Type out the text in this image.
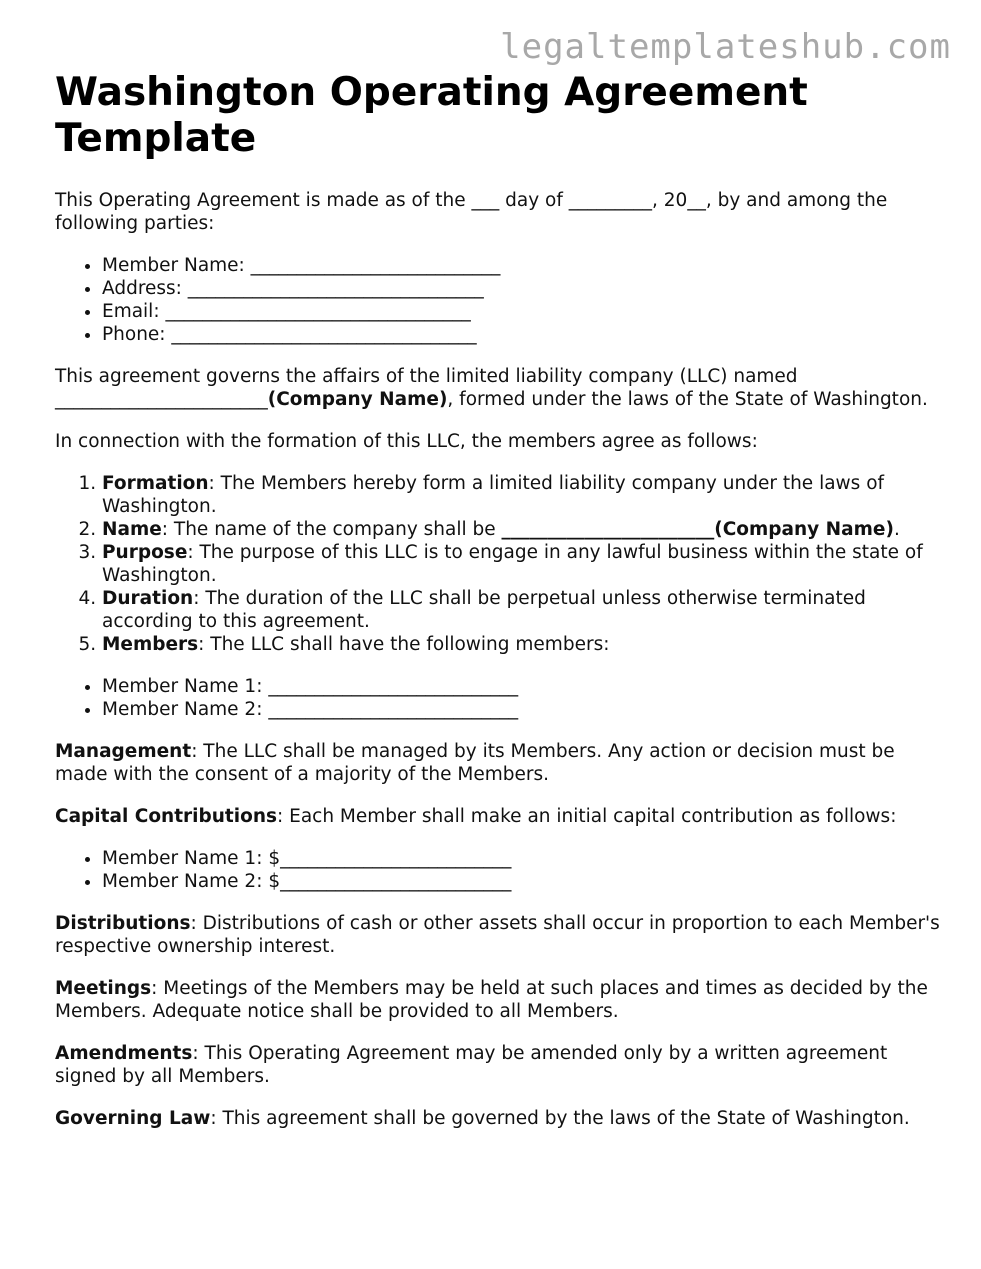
legaltemplateshub.com
Washington Operating Agreement Template

This Operating Agreement is made as of the ___ day of _________, 20__, by and among the following parties:

• Member Name: ___________________________
• Address: ________________________________
• Email: _________________________________
• Phone: _________________________________

This agreement governs the affairs of the limited liability company (LLC) named _______________________(Company Name), formed under the laws of the State of Washington.

In connection with the formation of this LLC, the members agree as follows:

1. Formation: The Members hereby form a limited liability company under the laws of Washington.
2. Name: The name of the company shall be _______________________(Company Name).
3. Purpose: The purpose of this LLC is to engage in any lawful business within the state of Washington.
4. Duration: The duration of the LLC shall be perpetual unless otherwise terminated according to this agreement.
5. Members: The LLC shall have the following members:
• Member Name 1: ___________________________
• Member Name 2: ___________________________

Management: The LLC shall be managed by its Members. Any action or decision must be made with the consent of a majority of the Members.

Capital Contributions: Each Member shall make an initial capital contribution as follows:

• Member Name 1: $_________________________
• Member Name 2: $_________________________

Distributions: Distributions of cash or other assets shall occur in proportion to each Member's respective ownership interest.

Meetings: Meetings of the Members may be held at such places and times as decided by the Members. Adequate notice shall be provided to all Members.

Amendments: This Operating Agreement may be amended only by a written agreement signed by all Members.

Governing Law: This agreement shall be governed by the laws of the State of Washington.
